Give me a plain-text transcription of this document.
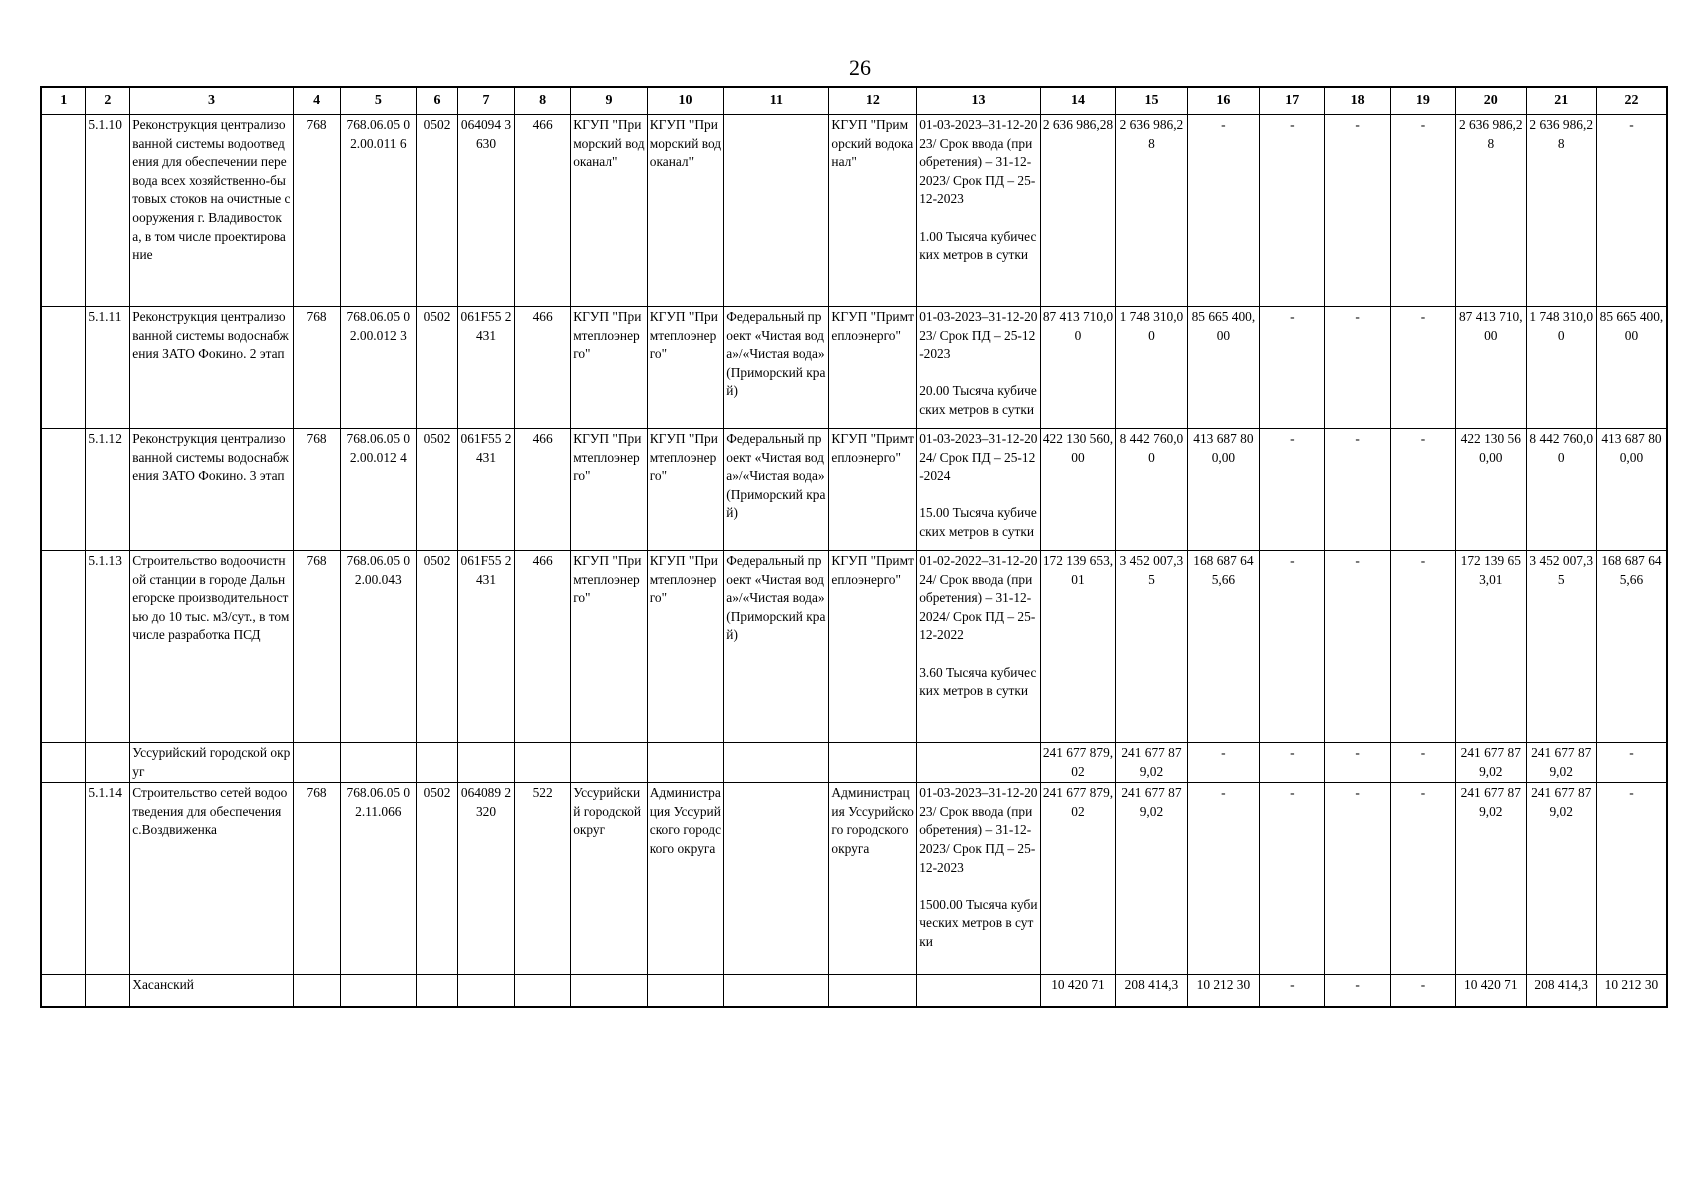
26
1	2	3	4	5	6	7	8	9	10	11	12	13	14	15	16	17	18	19	20	21	22
	5.1.10	Реконструкция централизованной системы водоотведения для обеспечении перевода всех хозяйственно-бытовых стоков на очистные сооружения г. Владивостока, в том числе проектирование	768	768.06.05 02.00.011 6	0502	064094 3630	466	КГУП "Приморский водоканал"	КГУП "Приморский водоканал"		КГУП "Приморский водоканал"	01-03-2023–31-12-2023/ Срок ввода (приобретения) – 31-12-2023/ Срок ПД – 25-12-2023

1.00 Тысяча кубических метров в сутки	2 636 986,28	2 636 986,28	-	-	-	-	2 636 986,28	2 636 986,28	-
	5.1.11	Реконструкция централизованной системы водоснабжения ЗАТО Фокино. 2 этап	768	768.06.05 02.00.012 3	0502	061F55 2431	466	КГУП "Примтеплоэнерго"	КГУП "Примтеплоэнерго"	Федеральный проект «Чистая вода»/«Чистая вода» (Приморский край)	КГУП "Примтеплоэнерго"	01-03-2023–31-12-2023/ Срок ПД – 25-12-2023

20.00 Тысяча кубических метров в сутки	87 413 710,00	1 748 310,00	85 665 400,00	-	-	-	87 413 710,00	1 748 310,00	85 665 400,00
	5.1.12	Реконструкция централизованной системы водоснабжения ЗАТО Фокино. 3 этап	768	768.06.05 02.00.012 4	0502	061F55 2431	466	КГУП "Примтеплоэнерго"	КГУП "Примтеплоэнерго"	Федеральный проект «Чистая вода»/«Чистая вода» (Приморский край)	КГУП "Примтеплоэнерго"	01-03-2023–31-12-2024/ Срок ПД – 25-12-2024

15.00 Тысяча кубических метров в сутки	422 130 560,00	8 442 760,00	413 687 800,00	-	-	-	422 130 560,00	8 442 760,00	413 687 800,00
	5.1.13	Строительство водоочистной станции в городе Дальнегорске производительностью до 10 тыс. м3/сут., в том числе разработка ПСД	768	768.06.05 02.00.043	0502	061F55 2431	466	КГУП "Примтеплоэнерго"	КГУП "Примтеплоэнерго"	Федеральный проект «Чистая вода»/«Чистая вода» (Приморский край)	КГУП "Примтеплоэнерго"	01-02-2022–31-12-2024/ Срок ввода (приобретения) – 31-12-2024/ Срок ПД – 25-12-2022

3.60 Тысяча кубических метров в сутки	172 139 653,01	3 452 007,35	168 687 645,66	-	-	-	172 139 653,01	3 452 007,35	168 687 645,66
		Уссурийский городской округ											241 677 879,02	241 677 879,02	-	-	-	-	241 677 879,02	241 677 879,02	-
	5.1.14	Строительство сетей водоотведения для обеспечения с.Воздвиженка	768	768.06.05 02.11.066	0502	064089 2320	522	Уссурийский городской округ	Администрация Уссурийского городского округа		Администрация Уссурийского городского округа	01-03-2023–31-12-2023/ Срок ввода (приобретения) – 31-12-2023/ Срок ПД – 25-12-2023

1500.00 Тысяча кубических метров в сутки	241 677 879,02	241 677 879,02	-	-	-	-	241 677 879,02	241 677 879,02	-
		Хасанский											10 420 71	208 414,3	10 212 30	-	-	-	10 420 71	208 414,3	10 212 30
